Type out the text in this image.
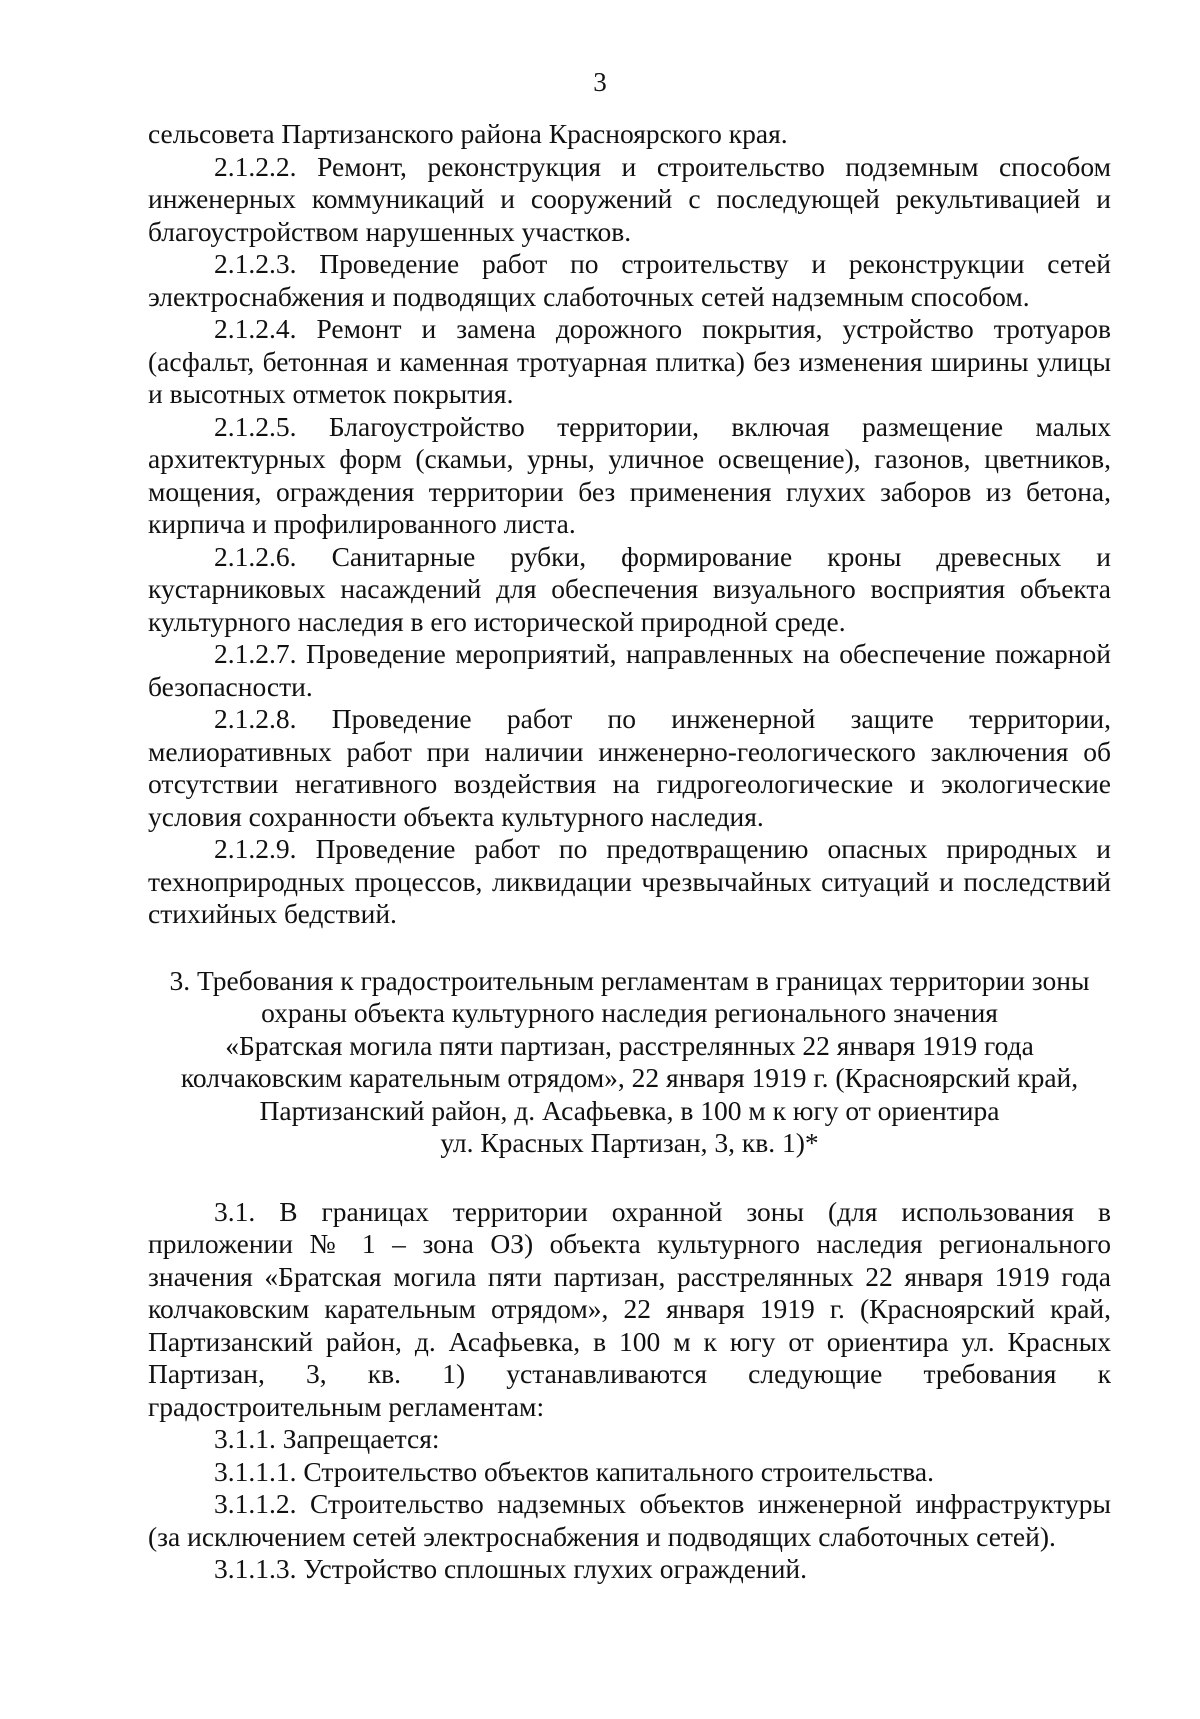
3

сельсовета Партизанского района Красноярского края.

2.1.2.2. Ремонт, реконструкция и строительство подземным способом инженерных коммуникаций и сооружений с последующей рекультивацией и благоустройством нарушенных участков.

2.1.2.3. Проведение работ по строительству и реконструкции сетей электроснабжения и подводящих слаботочных сетей надземным способом.

2.1.2.4. Ремонт и замена дорожного покрытия, устройство тротуаров (асфальт, бетонная и каменная тротуарная плитка) без изменения ширины улицы и высотных отметок покрытия.

2.1.2.5. Благоустройство территории, включая размещение малых архитектурных форм (скамьи, урны, уличное освещение), газонов, цветников, мощения, ограждения территории без применения глухих заборов из бетона, кирпича и профилированного листа.

2.1.2.6. Санитарные рубки, формирование кроны древесных и кустарниковых насаждений для обеспечения визуального восприятия объекта культурного наследия в его исторической природной среде.

2.1.2.7. Проведение мероприятий, направленных на обеспечение пожарной безопасности.

2.1.2.8. Проведение работ по инженерной защите территории, мелиоративных работ при наличии инженерно-геологического заключения об отсутствии негативного воздействия на гидрогеологические и экологические условия сохранности объекта культурного наследия.

2.1.2.9. Проведение работ по предотвращению опасных природных и технoприродных процессов, ликвидации чрезвычайных ситуаций и последствий стихийных бедствий.

3. Требования к градостроительным регламентам в границах территории зоны
охраны объекта культурного наследия регионального значения
«Братская могила пяти партизан, расстрелянных 22 января 1919 года
колчаковским карательным отрядом», 22 января 1919 г. (Красноярский край,
Партизанский район, д. Асафьевка, в 100 м к югу от ориентира
ул. Красных Партизан, 3, кв. 1)*

3.1. В границах территории охранной зоны (для использования в приложении № 1 – зона ОЗ) объекта культурного наследия регионального значения «Братская могила пяти партизан, расстрелянных 22 января 1919 года колчаковским карательным отрядом», 22 января 1919 г. (Красноярский край, Партизанский район, д. Асафьевка, в 100 м к югу от ориентира ул. Красных Партизан, 3, кв. 1) устанавливаются следующие требования к градостроительным регламентам:

3.1.1. Запрещается:

3.1.1.1. Строительство объектов капитального строительства.

3.1.1.2. Строительство надземных объектов инженерной инфраструктуры (за исключением сетей электроснабжения и подводящих слаботочных сетей).

3.1.1.3. Устройство сплошных глухих ограждений.
